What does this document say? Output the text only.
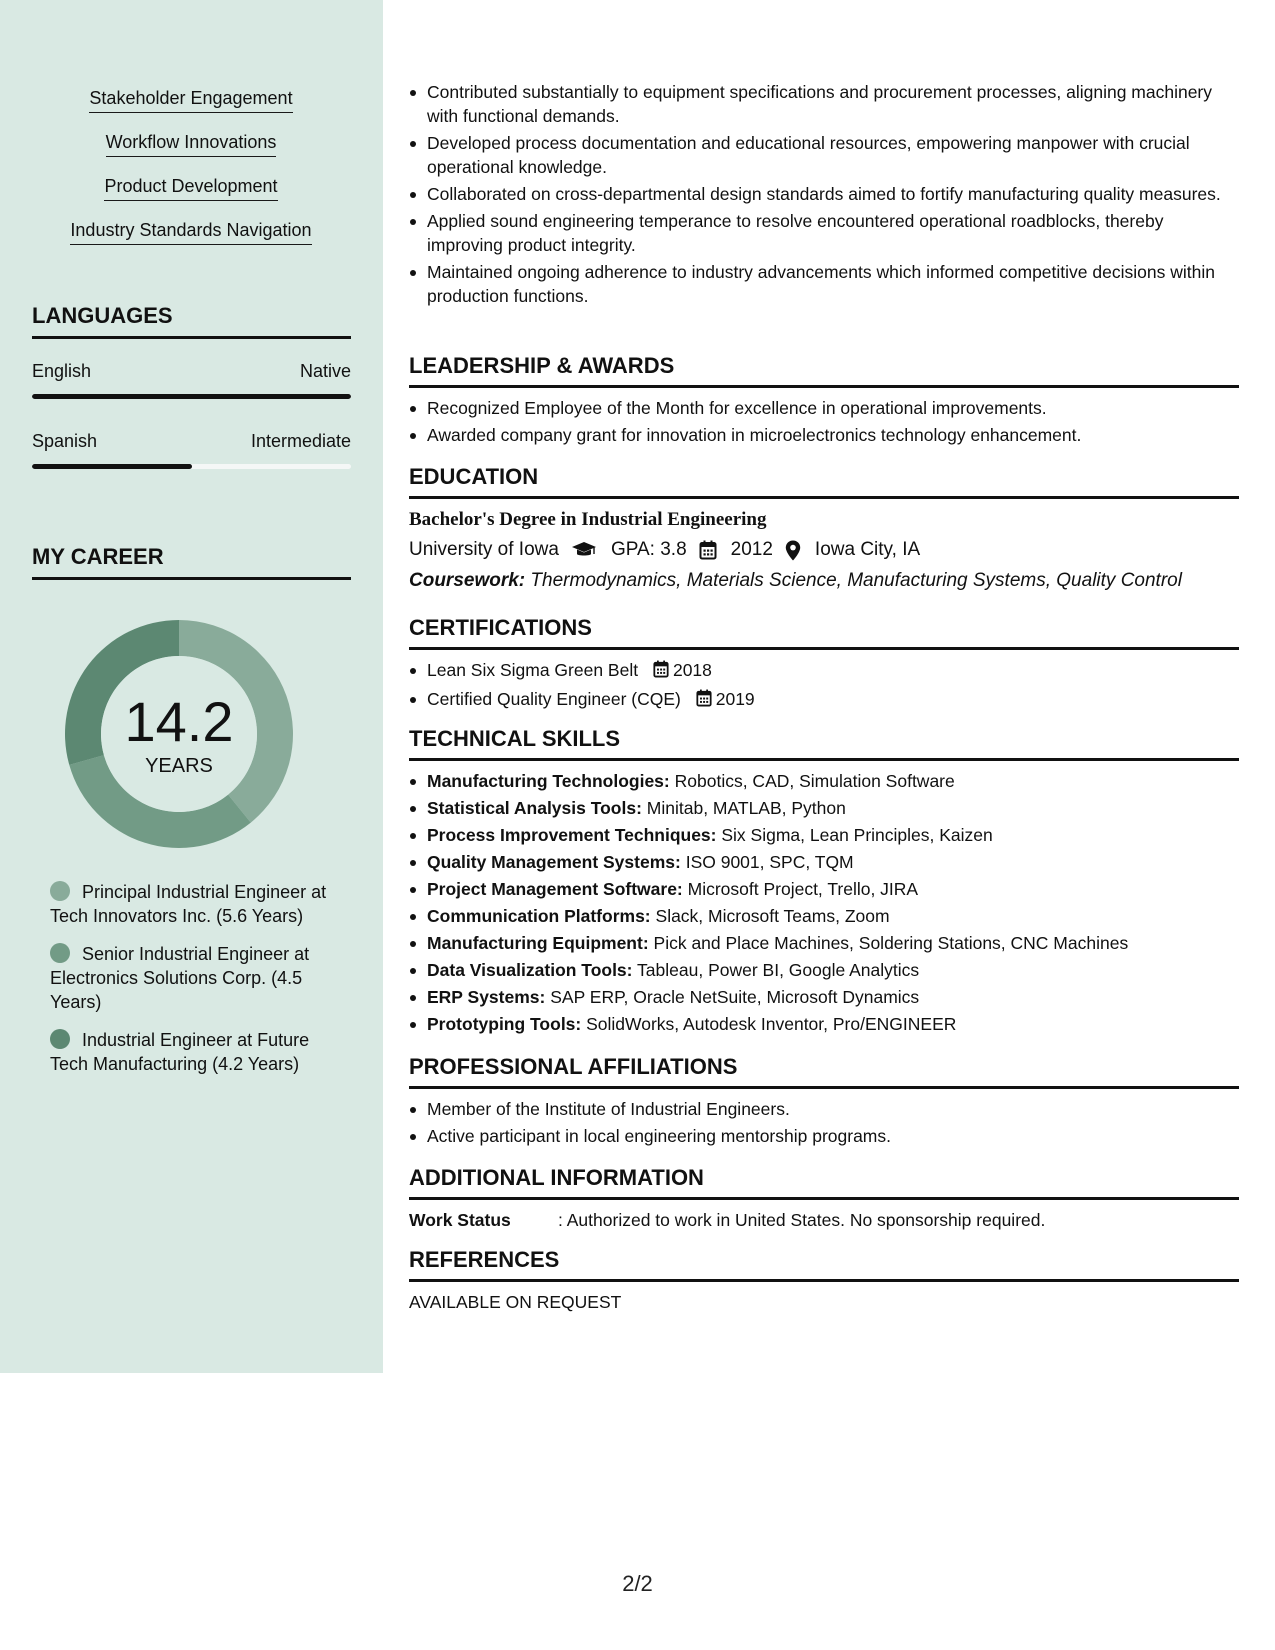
Stakeholder Engagement
Workflow Innovations
Product Development
Industry Standards Navigation
LANGUAGES
English	Native
Spanish	Intermediate
MY CAREER
14.2
YEARS
Principal Industrial Engineer at Tech Innovators Inc. (5.6 Years)
Senior Industrial Engineer at Electronics Solutions Corp. (4.5 Years)
Industrial Engineer at Future Tech Manufacturing (4.2 Years)
Contributed substantially to equipment specifications and procurement processes, aligning machinery with functional demands.
Developed process documentation and educational resources, empowering manpower with crucial operational knowledge.
Collaborated on cross-departmental design standards aimed to fortify manufacturing quality measures.
Applied sound engineering temperance to resolve encountered operational roadblocks, thereby improving product integrity.
Maintained ongoing adherence to industry advancements which informed competitive decisions within production functions.
LEADERSHIP & AWARDS
Recognized Employee of the Month for excellence in operational improvements.
Awarded company grant for innovation in microelectronics technology enhancement.
EDUCATION
Bachelor's Degree in Industrial Engineering
University of Iowa	GPA: 3.8 2012 Iowa City, IA
Coursework: Thermodynamics, Materials Science, Manufacturing Systems, Quality Control
CERTIFICATIONS
Lean Six Sigma Green Belt 2018
Certified Quality Engineer (CQE) 2019
TECHNICAL SKILLS
Manufacturing Technologies: Robotics, CAD, Simulation Software
Statistical Analysis Tools: Minitab, MATLAB, Python
Process Improvement Techniques: Six Sigma, Lean Principles, Kaizen
Quality Management Systems: ISO 9001, SPC, TQM
Project Management Software: Microsoft Project, Trello, JIRA
Communication Platforms: Slack, Microsoft Teams, Zoom
Manufacturing Equipment: Pick and Place Machines, Soldering Stations, CNC Machines
Data Visualization Tools: Tableau, Power BI, Google Analytics
ERP Systems: SAP ERP, Oracle NetSuite, Microsoft Dynamics
Prototyping Tools: SolidWorks, Autodesk Inventor, Pro/ENGINEER
PROFESSIONAL AFFILIATIONS
Member of the Institute of Industrial Engineers.
Active participant in local engineering mentorship programs.
ADDITIONAL INFORMATION
Work Status	: Authorized to work in United States. No sponsorship required.
REFERENCES
AVAILABLE ON REQUEST
2/2
